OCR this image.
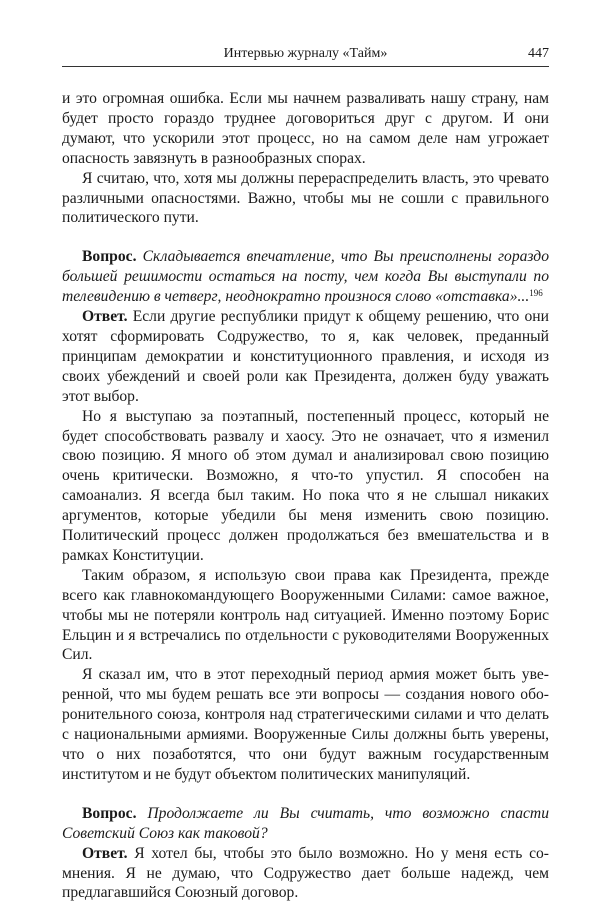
Интервью журналу «Тайм»	447

и это огромная ошибка. Если мы начнем разваливать нашу страну, нам будет просто гораздо труднее договориться друг с другом. И они думают, что ускорили этот процесс, но на самом деле нам угрожает опасность завязнуть в разнообразных спорах.

Я считаю, что, хотя мы должны перераспределить власть, это чревато различными опасностями. Важно, чтобы мы не сошли с правильного политического пути.

Вопрос. Складывается впечатление, что Вы преисполнены гораздо большей решимости остаться на посту, чем когда Вы выступали по телевидению в четверг, неоднократно произнося слово «отставка»...$^{196}$

Ответ. Если другие республики придут к общему решению, что они хотят сформировать Содружество, то я, как человек, преданный принципам демократии и конституционного правления, и исходя из своих убеждений и своей роли как Президента, должен буду уважать этот выбор.

Но я выступаю за поэтапный, постепенный процесс, который не будет способствовать развалу и хаосу. Это не означает, что я изменил свою позицию. Я много об этом думал и анализировал свою позицию очень критически. Возможно, я что-то упустил. Я способен на самоанализ. Я всегда был таким. Но пока что я не слышал никаких аргументов, которые убедили бы меня изменить свою позицию. Политический процесс должен продолжаться без вмешательства и в рамках Конституции.

Таким образом, я использую свои права как Президента, прежде всего как главнокомандующего Вооруженными Силами: самое важное, чтобы мы не потеряли контроль над ситуацией. Именно поэтому Борис Ельцин и я встречались по отдельности с руководителями Вооруженных Сил.

Я сказал им, что в этот переходный период армия может быть уверенной, что мы будем решать все эти вопросы — создания нового оборонительного союза, контроля над стратегическими силами и что делать с национальными армиями. Вооруженные Силы должны быть уверены, что о них позаботятся, что они будут важным государственным институтом и не будут объектом политических манипуляций.

Вопрос. Продолжаете ли Вы считать, что возможно спасти Советский Союз как таковой?

Ответ. Я хотел бы, чтобы это было возможно. Но у меня есть сомнения. Я не думаю, что Содружество дает больше надежд, чем предлагавшийся Союзный договор.
